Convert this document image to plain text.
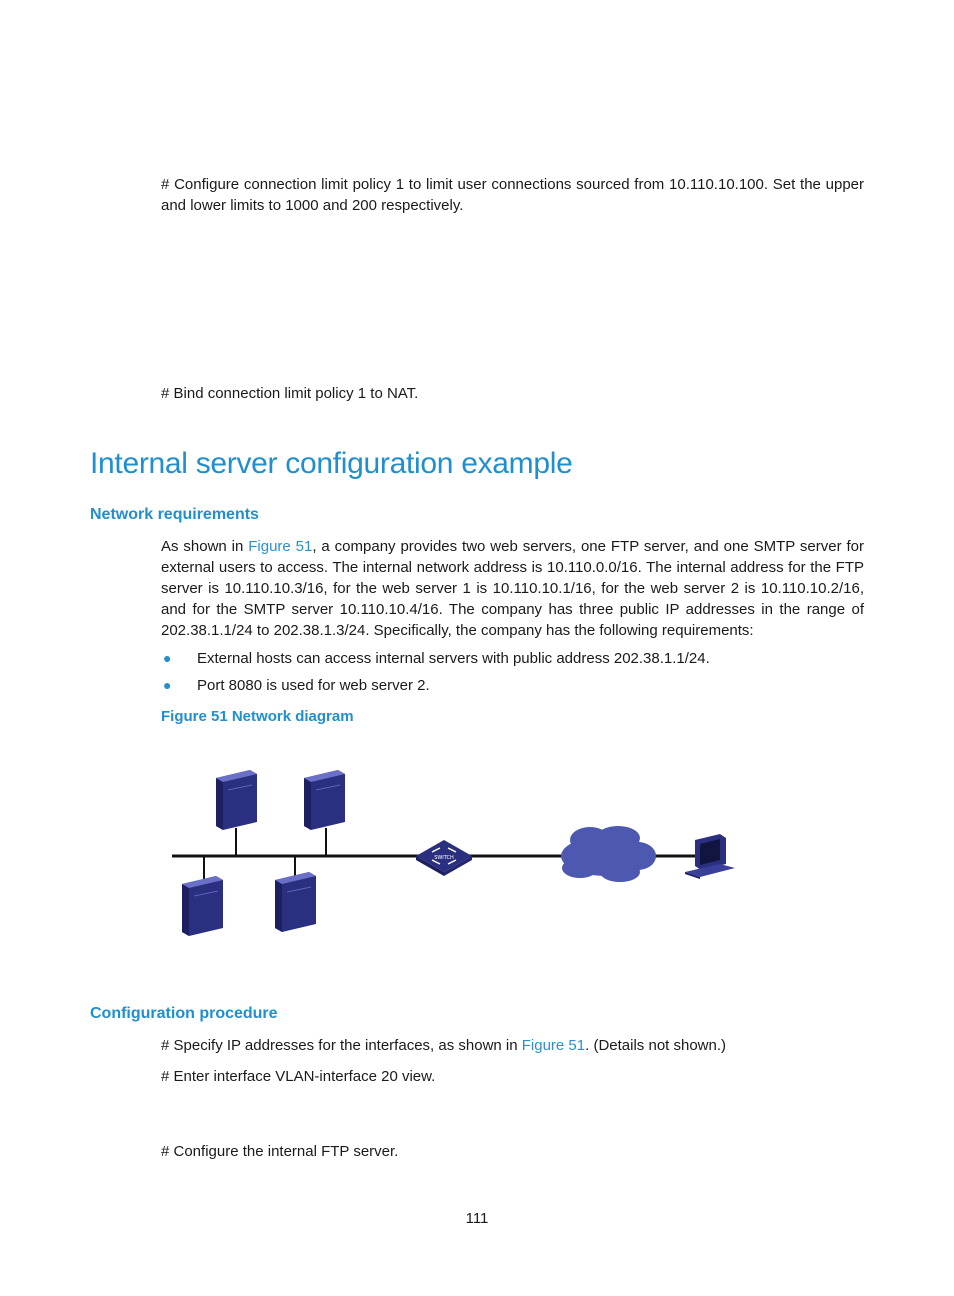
# Configure connection limit policy 1 to limit user connections sourced from 10.110.10.100. Set the upper and lower limits to 1000 and 200 respectively.

# Bind connection limit policy 1 to NAT.

Internal server configuration example
Network requirements

As shown in Figure 51, a company provides two web servers, one FTP server, and one SMTP server for external users to access. The internal network address is 10.110.0.0/16. The internal address for the FTP server is 10.110.10.3/16, for the web server 1 is 10.110.10.1/16, for the web server 2 is 10.110.10.2/16, and for the SMTP server 10.110.10.4/16. The company has three public IP addresses in the range of 202.38.1.1/24 to 202.38.1.3/24. Specifically, the company has the following requirements:

● External hosts can access internal servers with public address 202.38.1.1/24.
● Port 8080 is used for web server 2.

Figure 51 Network diagram

SWITCH
Configuration procedure

# Specify IP addresses for the interfaces, as shown in Figure 51. (Details not shown.)

# Enter interface VLAN-interface 20 view.

# Configure the internal FTP server.

111
